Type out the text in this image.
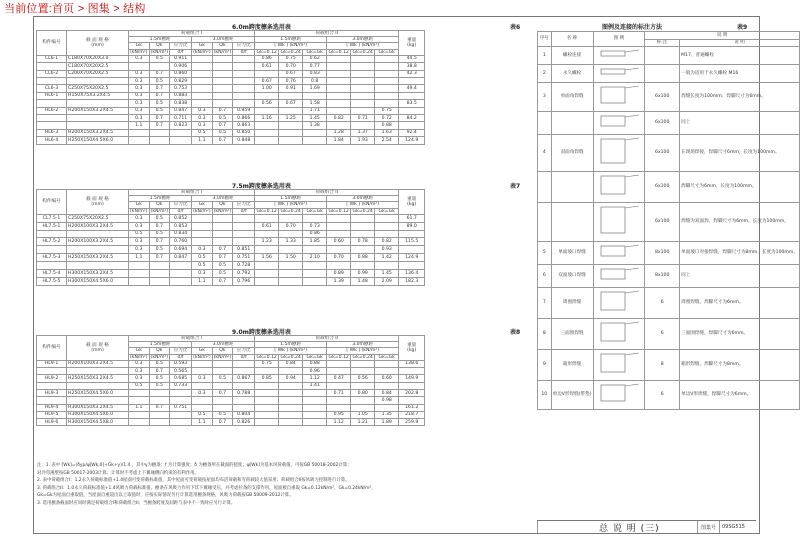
当前位置:首页 > 图集 > 结构
6.0m跨度檩条选用表	表6
构件编号	截 面 规 格
(mm)	荷载组合 I						荷载组合 II						重量
(kg)
		1.5m檩距			3.0m檩距			1.5m檩距			3.0m檩距			
		Gk	Qk	应力比	Gk	Qk	应力比	[ Wk ] (kN/m²)			[ Wk ] (kN/m²)			
		(kN/m²)	(kN/m²)	σ/f	(kN/m²)	(kN/m²)	σ/f	Gk=0.12	Gk=0.24	Gk=Gk	Gk=0.12	Gk=0.24	Gk=Gk	
CL6-1	C180X70X20X3.0	0.3	0.5	0.911				0.86	0.75	0.62				44.5
	C180X70X20X2.5			0.906				0.61	0.70	0.77				38.8
CL6-2	C200X70X20X2.5	0.3	0.7	0.860					0.67	0.83				42.3
		0.3	0.5	0.829				0.67	0.76	0.8				
CL6-3	C250X75X20X2.5	0.3	0.7	0.753				1.00	0.91	1.69				49.4
HL6-1	H150X75X3.2X4.5	0.3	0.7	0.883										
		0.3	0.5	0.838				0.56	0.67	1.58				83.5
HL6-2	H200X150X3.2X4.5	0.3	0.5	0.847	0.3	0.7	0.959			1.71			0.75	
		0.3	0.7	0.711	0.3	0.5	0.866	1.16	1.25	1.45	0.82	0.71	0.72	84.2
		1.1	0.7	0.823	0.3	0.7	0.863			1.38			0.88	
HL6-3	H200X150X3.2X4.5				0.5	0.5	0.850				1.28	1.37	1.63	92.4
HL6-4	H250X150X4.5X6.0				1.1	0.7	0.848				1.84	1.93	2.54	124.9
7.5m跨度檩条选用表	表7
构件编号	截 面 规 格
(mm)	荷载组合 I						荷载组合 II						重量
(kg)
		1.5m檩距			3.0m檩距			1.5m檩距			3.0m檩距			
		Gk	Qk	应力比	Gk	Qk	应力比	[ Wk ] (kN/m²)			[ Wk ] (kN/m²)			
		(kN/m²)	(kN/m²)	σ/f	(kN/m²)	(kN/m²)	σ/f	Gk=0.12	Gk=0.24	Gk=Gk	Gk=0.12	Gk=0.24	Gk=Gk	
CL7.5-1	C250X75X20X2.5	0.3	0.5	0.852										61.7
HL7.5-1	H200X100X3.2X4.5	0.3	0.7	0.853				0.61	0.70	0.73				89.0
		0.5	0.5	0.834						0.86				
HL7.5-2	H200X100X3.2X4.5	0.3	0.7	0.760				1.23	1.33	1.85	0.60	0.78	0.82	115.5
		0.3	0.5	0.694	0.3	0.7	0.851						0.93	
HL7.5-3	H250X150X3.2X4.5	1.1	0.7	0.847	0.5	0.7	0.751	1.56	1.50	2.10	0.70	0.88	1.42	124.9
					0.5	0.5	0.728							
HL7.5-4	H300X150X3.2X4.5				0.3	0.5	0.792				0.89	0.99	1.45	136.4
HL7.5-5	H300X150X4.5X6.0				1.1	0.7	0.796				1.39	1.48	2.09	182.3
9.0m跨度檩条选用表	表8
构件编号	截 面 规 格
(mm)	荷载组合 I						荷载组合 II						重量
(kg)
		1.5m檩距			3.0m檩距			1.5m檩距			3.0m檩距			
		Gk	Qk	应力比	Gk	Qk	应力比	[ Wk ] (kN/m²)			[ Wk ] (kN/m²)			
		(kN/m²)	(kN/m²)	σ/f	(kN/m²)	(kN/m²)	σ/f	Gk=0.12	Gk=0.24	Gk=Gk	Gk=0.12	Gk=0.24	Gk=Gk	
HL9-1	H200X100X3.2X4.5	0.3	0.5	0.593				0.75	0.84	0.88				138.6
		0.3	0.7	0.565						0.96				
HL9-2	H250X150X3.2X4.5	0.3	0.5	0.685	0.3	0.5	0.867	0.85	0.94	1.12	0.47	0.56	0.60	149.9
		0.5	0.5	0.733						1.41				
HL9-3	H250X150X4.5X6.0				0.3	0.7	0.788				0.71	0.80	0.84	202.8
													0.98	
HL9-4	H300X150X3.2X4.5	1.1	0.7	0.751										161.2
HL9-5	H300X150X4.5X6.0				0.5	0.5	0.804				0.95	1.05	1.35	218.7
HL9-6	H300X150X4.5X8.0				1.1	0.7	0.826				1.12	1.21	1.89	259.9
注：1. 表中 [Wk]=(δyp/ψ[Wk,0]+Gk+γ)/1.4 ，其中γ为檩条；f 为计算强度；δ 为檩条所在截面的挠度；ψ[Wk]为基本风荷载值，可按GB 50018-2002计算；
对冷弯薄壁按GB 50017-2003计算；计算时不考虑上下翼缘侧向约束的有利作用。
2. 表中荷载组合I：1.2永久荷载标准值+1.4屋面可变荷载标准值，其中屋面可变荷载按屋面均布活荷载和雪荷载较大值采用；荷载组合II按风吸力控制进行计算。
3. 荷载组合II：1.0永久荷载标准值+1.4风吸力荷载标准值，檩条在风吸力作用下其下翼缘受压，并考虑拉条的支撑作用，屋面板自重取 Gk=0.12kN/m²，Gk=0.24kN/m²，
Gk=Gk为屋面自重取值，当屋面自重超出以上取值时，应按实际情况另行计算选用檩条规格，风吸力荷载按GB 50009-2012计算。
3. 选用檩条截面时应同时满足荷载组合I和荷载组合II；当檩条跨度及间距与表中不一致时应另行计算。
图例及连接的标注方法	表9
序号	名 称	图 例	说 明	
			标 注	说 明
1	螺栓连接			M17、普通螺栓
2	永久螺栓			一般为适用于永久螺栓 M16
3	单面角焊缝		6x100	焊缝长度为100mm；焊脚尺寸为6mm。
			6x100	同上
4	双面角焊缝		6x100	在现场焊接，焊脚尺寸6mm，长度为100mm。
			6x100	焊脚尺寸为6mm，长度为100mm。
			6x100	焊缝为双面焊，焊脚尺寸为6mm，长度为100mm。
5	单面坡口焊缝		8x100	单面坡口对接焊缝，焊脚尺寸为8mm，长度为100mm。
6	双面坡口焊缝		8x100	同上
7	周围焊缝		6	周围焊缝，焊脚尺寸为6mm。
8	三面围焊缝		6	三面围焊缝，焊脚尺寸为6mm。
9	箱形焊缝		8	箱形焊缝，焊脚尺寸为8mm。
10	单边V形焊缝(带垫)		6	单边V形焊缝，焊脚尺寸为6mm。
总 说 明 (三)	图集号 09SG515
